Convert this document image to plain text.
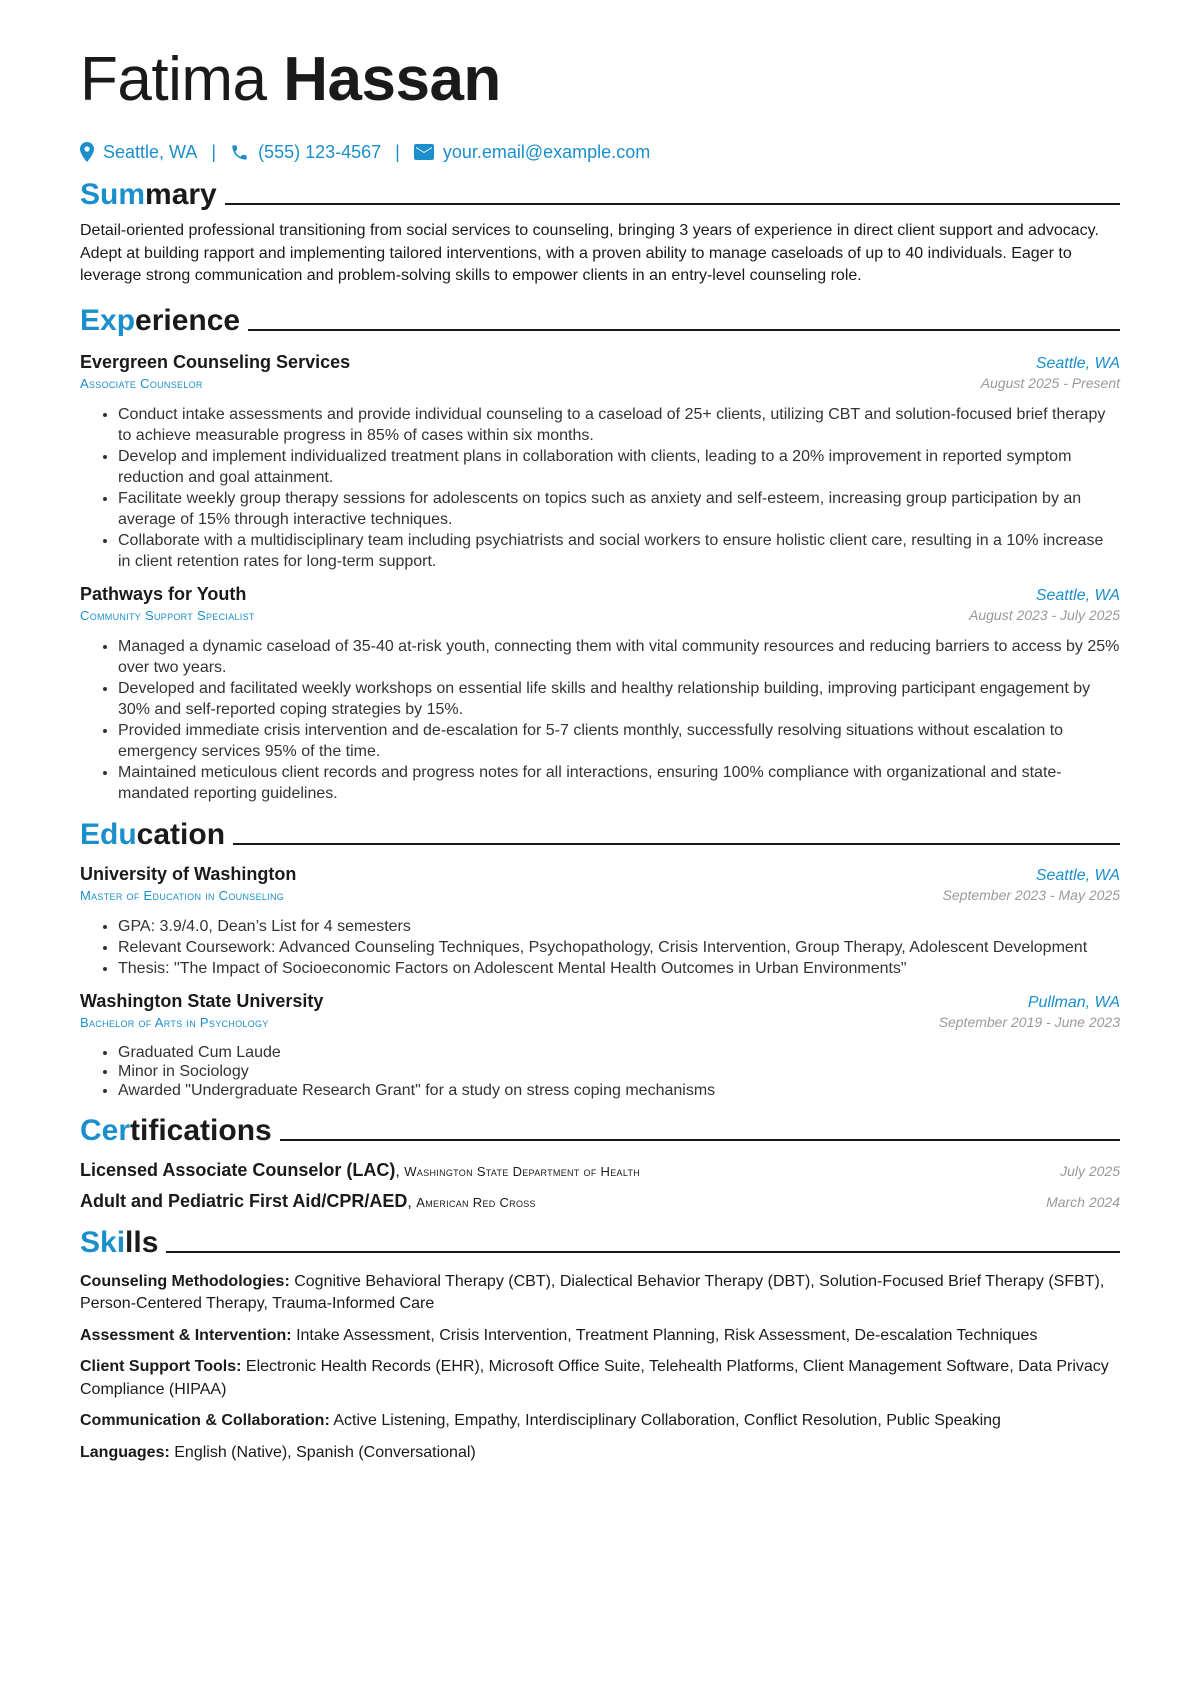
Fatima Hassan
Seattle, WA | (555) 123-4567 | your.email@example.com
Summary

Detail-oriented professional transitioning from social services to counseling, bringing 3 years of experience in direct client support and advocacy. Adept at building rapport and implementing tailored interventions, with a proven ability to manage caseloads of up to 40 individuals. Eager to leverage strong communication and problem-solving skills to empower clients in an entry-level counseling role.

Experience
Evergreen Counseling Services	Seattle, WA
Associate Counselor	August 2025 - Present
• Conduct intake assessments and provide individual counseling to a caseload of 25+ clients, utilizing CBT and solution-focused brief therapy to achieve measurable progress in 85% of cases within six months.
• Develop and implement individualized treatment plans in collaboration with clients, leading to a 20% improvement in reported symptom reduction and goal attainment.
• Facilitate weekly group therapy sessions for adolescents on topics such as anxiety and self-esteem, increasing group participation by an average of 15% through interactive techniques.
• Collaborate with a multidisciplinary team including psychiatrists and social workers to ensure holistic client care, resulting in a 10% increase in client retention rates for long-term support.
Pathways for Youth	Seattle, WA
Community Support Specialist	August 2023 - July 2025
• Managed a dynamic caseload of 35-40 at-risk youth, connecting them with vital community resources and reducing barriers to access by 25% over two years.
• Developed and facilitated weekly workshops on essential life skills and healthy relationship building, improving participant engagement by 30% and self-reported coping strategies by 15%.
• Provided immediate crisis intervention and de-escalation for 5-7 clients monthly, successfully resolving situations without escalation to emergency services 95% of the time.
• Maintained meticulous client records and progress notes for all interactions, ensuring 100% compliance with organizational and state-mandated reporting guidelines.
Education
University of Washington	Seattle, WA
Master of Education in Counseling	September 2023 - May 2025
• GPA: 3.9/4.0, Dean’s List for 4 semesters
• Relevant Coursework: Advanced Counseling Techniques, Psychopathology, Crisis Intervention, Group Therapy, Adolescent Development
• Thesis: "The Impact of Socioeconomic Factors on Adolescent Mental Health Outcomes in Urban Environments"
Washington State University	Pullman, WA
Bachelor of Arts in Psychology	September 2019 - June 2023
• Graduated Cum Laude
• Minor in Sociology
• Awarded "Undergraduate Research Grant" for a study on stress coping mechanisms
Certifications
Licensed Associate Counselor (LAC), Washington State Department of Health	July 2025
Adult and Pediatric First Aid/CPR/AED, American Red Cross	March 2024
Skills
Counseling Methodologies: Cognitive Behavioral Therapy (CBT), Dialectical Behavior Therapy (DBT), Solution-Focused Brief Therapy (SFBT), Person-Centered Therapy, Trauma-Informed Care
Assessment & Intervention: Intake Assessment, Crisis Intervention, Treatment Planning, Risk Assessment, De-escalation Techniques
Client Support Tools: Electronic Health Records (EHR), Microsoft Office Suite, Telehealth Platforms, Client Management Software, Data Privacy Compliance (HIPAA)
Communication & Collaboration: Active Listening, Empathy, Interdisciplinary Collaboration, Conflict Resolution, Public Speaking
Languages: English (Native), Spanish (Conversational)
